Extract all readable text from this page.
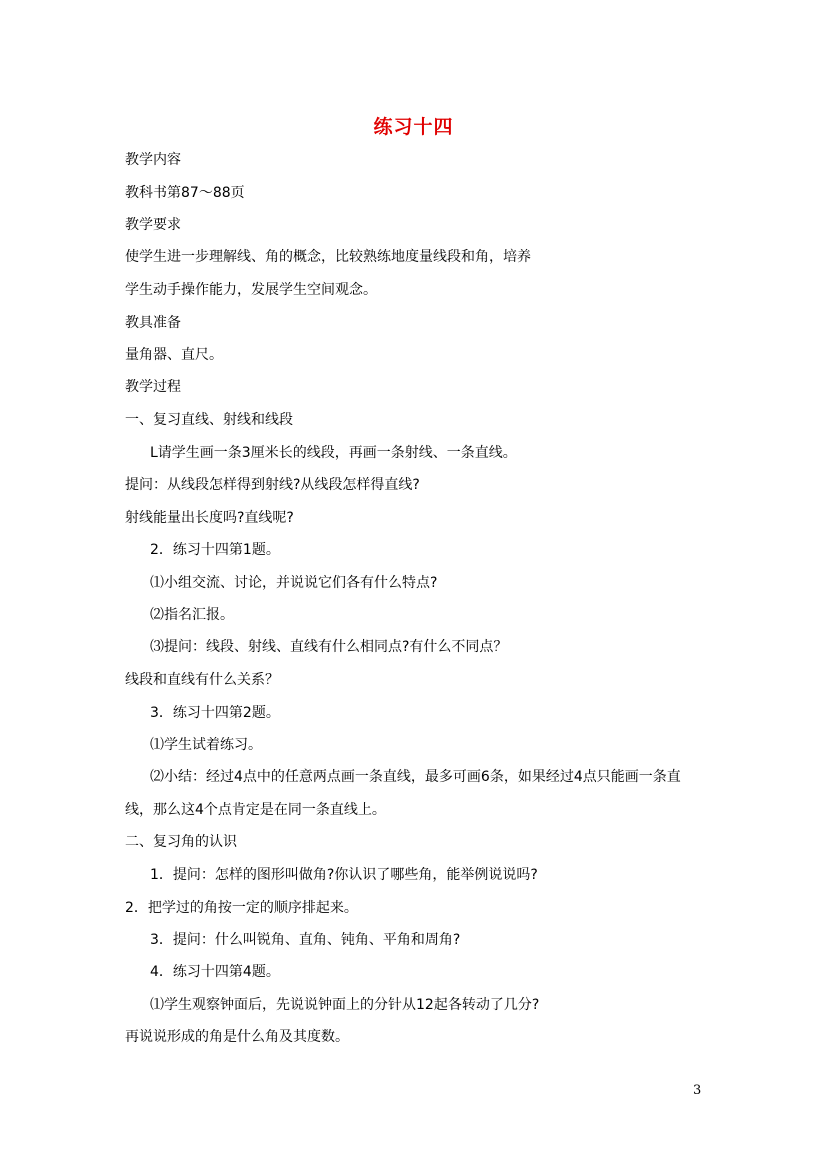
练习十四
教学内容
教科书第87～88页
教学要求
使学生进一步理解线、角的概念，比较熟练地度量线段和角，培养
学生动手操作能力，发展学生空间观念。
教具准备
量角器、直尺。
教学过程
一、复习直线、射线和线段
L请学生画一条3厘米长的线段，再画一条射线、一条直线。
提问：从线段怎样得到射线?从线段怎样得直线?
射线能量出长度吗?直线呢?
2．练习十四第1题。
⑴小组交流、讨论，并说说它们各有什么特点?
⑵指名汇报。
⑶提问：线段、射线、直线有什么相同点?有什么不同点？
线段和直线有什么关系？
3．练习十四第2题。
⑴学生试着练习。
⑵小结：经过4点中的任意两点画一条直线，最多可画6条，如果经过4点只能画一条直
线，那么这4个点肯定是在同一条直线上。
二、复习角的认识
1．提问：怎样的图形叫做角?你认识了哪些角，能举例说说吗?
2．把学过的角按一定的顺序排起来。
3．提问：什么叫锐角、直角、钝角、平角和周角?
4．练习十四第4题。
⑴学生观察钟面后，先说说钟面上的分针从12起各转动了几分?
再说说形成的角是什么角及其度数。
3
